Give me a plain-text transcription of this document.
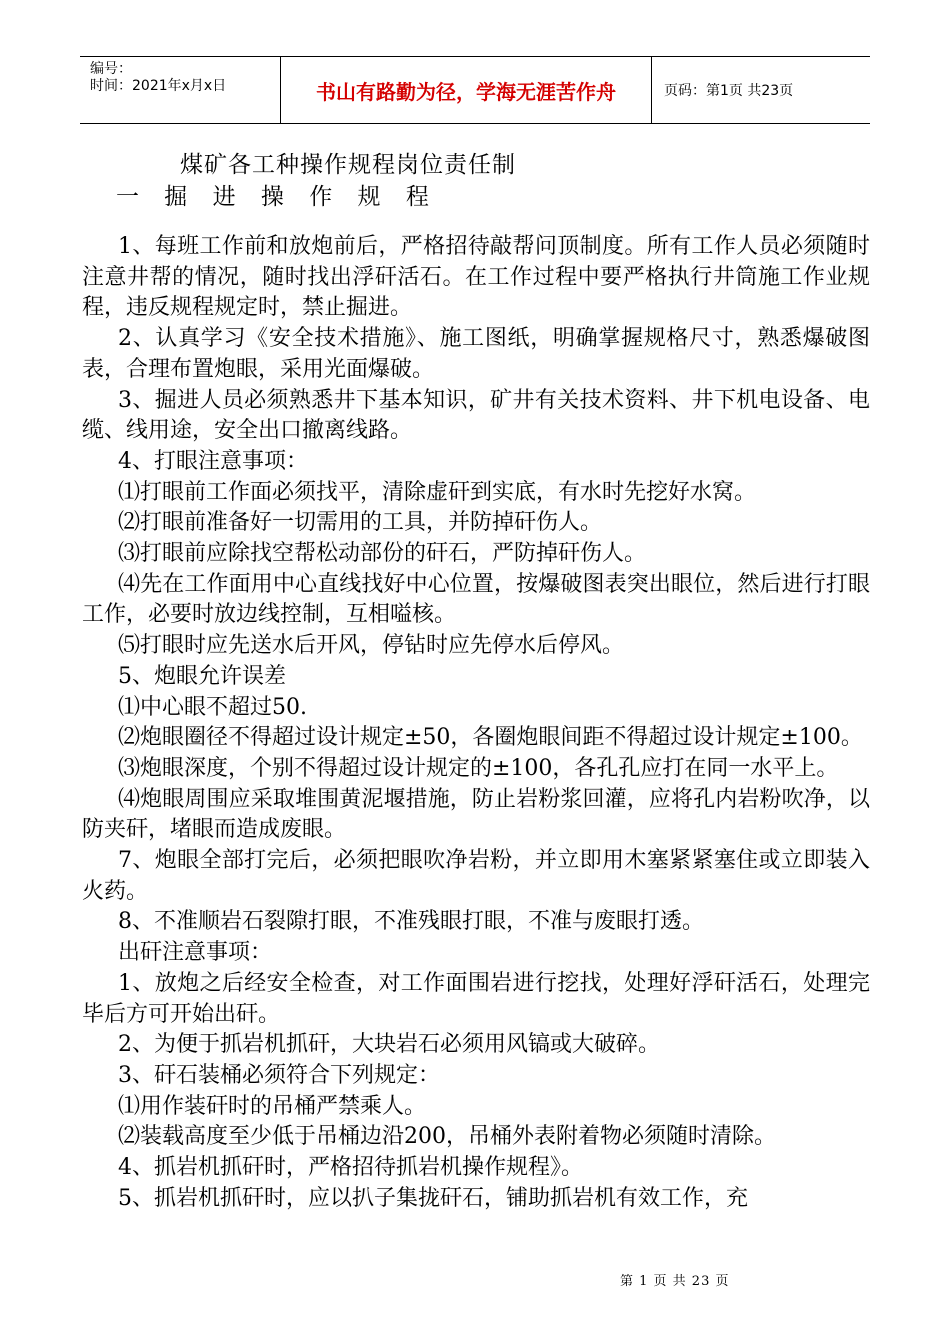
编号：
时间：2021年x月x日	书山有路勤为径，学海无涯苦作舟	页码：第1页 共23页
煤矿各工种操作规程岗位责任制
一 掘 进 操 作 规 程

1、每班工作前和放炮前后，严格招待敲帮问顶制度。所有工作人员必须随时注意井帮的情况，随时找出浮矸活石。在工作过程中要严格执行井筒施工作业规程，违反规程规定时，禁止掘进。

2、认真学习《安全技术措施》、施工图纸，明确掌握规格尺寸，熟悉爆破图表，合理布置炮眼，采用光面爆破。

3、掘进人员必须熟悉井下基本知识，矿井有关技术资料、井下机电设备、电缆、线用途，安全出口撤离线路。

4、打眼注意事项：

⑴打眼前工作面必须找平，清除虚矸到实底，有水时先挖好水窝。

⑵打眼前准备好一切需用的工具，并防掉矸伤人。

⑶打眼前应除找空帮松动部份的矸石，严防掉矸伤人。

⑷先在工作面用中心直线找好中心位置，按爆破图表突出眼位，然后进行打眼工作，必要时放边线控制，互相嗌核。

⑸打眼时应先送水后开风，停钻时应先停水后停风。

5、炮眼允许误差

⑴中心眼不超过50.

⑵炮眼圈径不得超过设计规定±50，各圈炮眼间距不得超过设计规定±100。

⑶炮眼深度，个别不得超过设计规定的±100，各孔孔应打在同一水平上。

⑷炮眼周围应采取堆围黄泥堰措施，防止岩粉浆回灌，应将孔内岩粉吹净，以防夹矸，堵眼而造成废眼。

7、炮眼全部打完后，必须把眼吹净岩粉，并立即用木塞紧紧塞住或立即装入火药。

8、不准顺岩石裂隙打眼，不准残眼打眼，不准与废眼打透。

出矸注意事项：

1、放炮之后经安全检查，对工作面围岩进行挖找，处理好浮矸活石，处理完毕后方可开始出矸。

2、为便于抓岩机抓矸，大块岩石必须用风镐或大破碎。

3、矸石装桶必须符合下列规定：

⑴用作装矸时的吊桶严禁乘人。

⑵装载高度至少低于吊桶边沿200，吊桶外表附着物必须随时清除。

4、抓岩机抓矸时，严格招待抓岩机操作规程》。

5、抓岩机抓矸时，应以扒子集拢矸石，铺助抓岩机有效工作，充

第 1 页 共 23 页
